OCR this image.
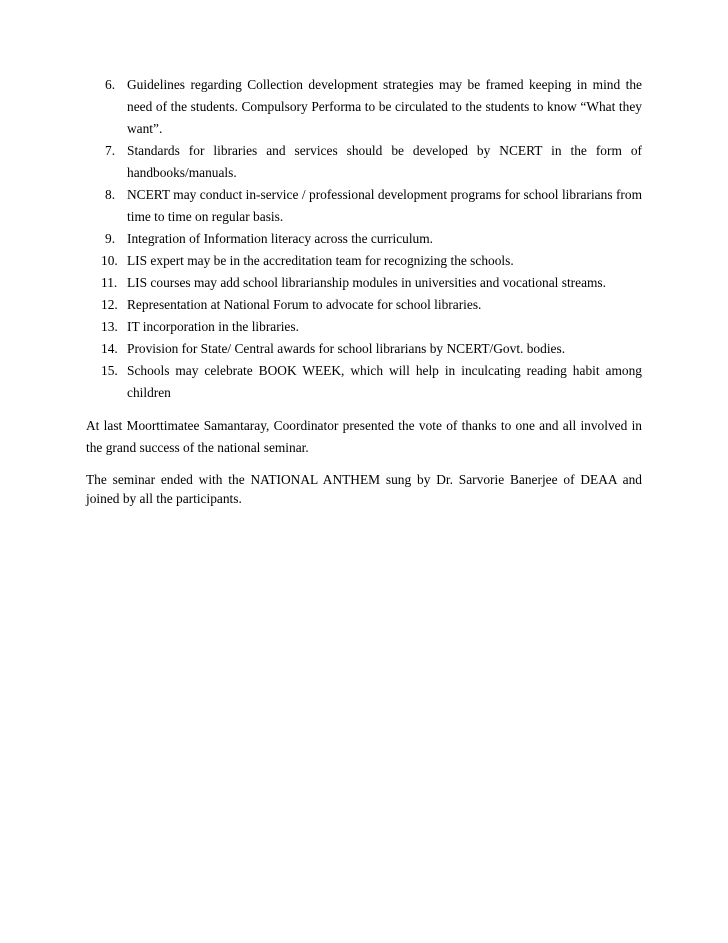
6. Guidelines regarding Collection development strategies may be framed keeping in mind the need of the students. Compulsory Performa to be circulated to the students to know “What they want”.
7. Standards for libraries and services should be developed by NCERT in the form of handbooks/manuals.
8. NCERT may conduct in-service / professional development programs for school librarians from time to time on regular basis.
9. Integration of Information literacy across the curriculum.
10. LIS expert may be in the accreditation team for recognizing the schools.
11. LIS courses may add school librarianship modules in universities and vocational streams.
12. Representation at National Forum to advocate for school libraries.
13. IT incorporation in the libraries.
14. Provision for State/ Central awards for school librarians by NCERT/Govt. bodies.
15. Schools may celebrate BOOK WEEK, which will help in inculcating reading habit among children

At last Moorttimatee Samantaray, Coordinator presented the vote of thanks to one and all involved in the grand success of the national seminar.

The seminar ended with the NATIONAL ANTHEM sung by Dr. Sarvorie Banerjee of DEAA and joined by all the participants.
